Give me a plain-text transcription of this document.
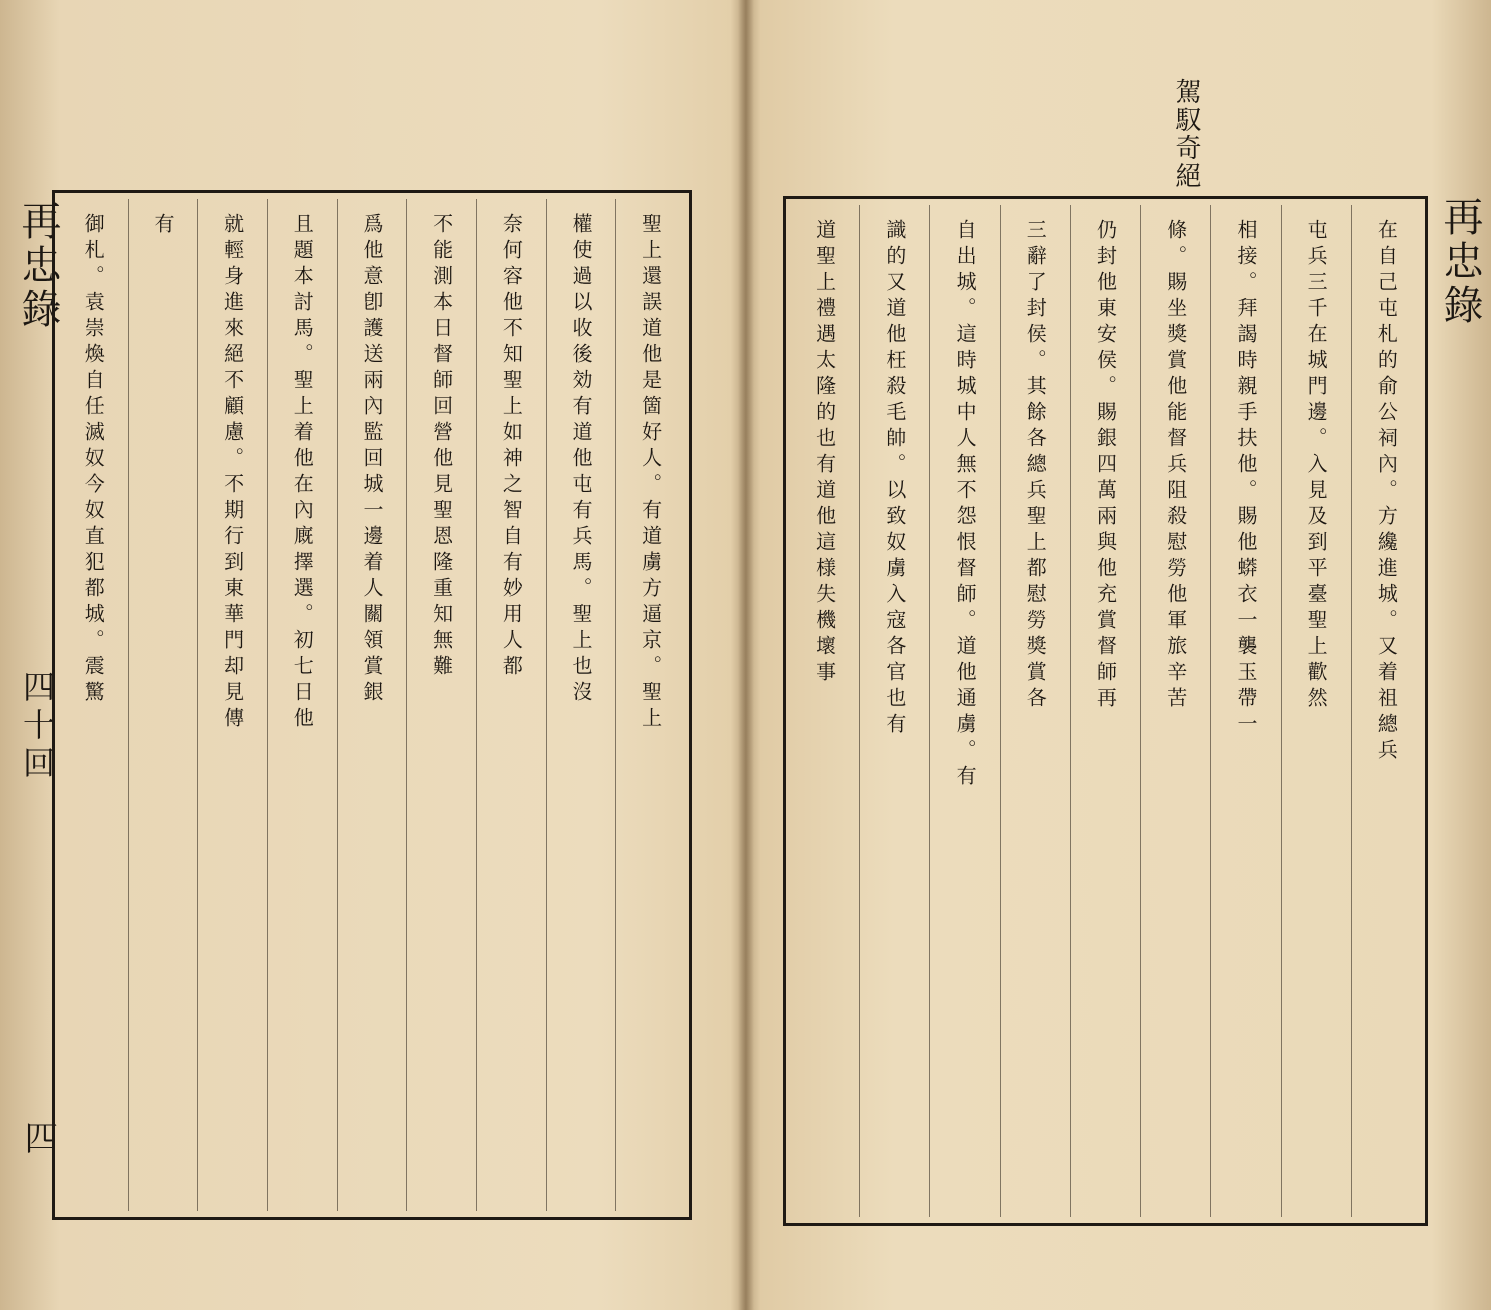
再忠錄
四十回
四
聖上還誤道他是箇好人。有道虜方逼京。聖上
權使過以收後効有道他屯有兵馬。聖上也沒
奈何容他不知聖上如神之智自有妙用人都
不能測本日督師回營他見聖恩隆重知無難
爲他意卽護送兩內監回城一邊着人關領賞銀
且題本討馬。聖上着他在內廐擇選。初七日他
就輕身進來絕不顧慮。不期行到東華門却見傳
有
御札。袁崇煥自任滅奴今奴直犯都城。震驚
駕馭奇絕
在自己屯札的俞公祠內。方纔進城。又着祖總兵
屯兵三千在城門邊。入見及到平臺聖上歡然
相接。拜謁時親手扶他。賜他蟒衣一襲玉帶一
條。賜坐獎賞他能督兵阻殺慰勞他軍旅辛苦
仍封他東安侯。賜銀四萬兩與他充賞督師再
三辭了封侯。其餘各總兵聖上都慰勞獎賞各
自出城。這時城中人無不怨恨督師。道他通虜。有
識的又道他枉殺毛帥。以致奴虜入寇各官也有
道聖上禮遇太隆的也有道他這様失機壞事	再忠錄
